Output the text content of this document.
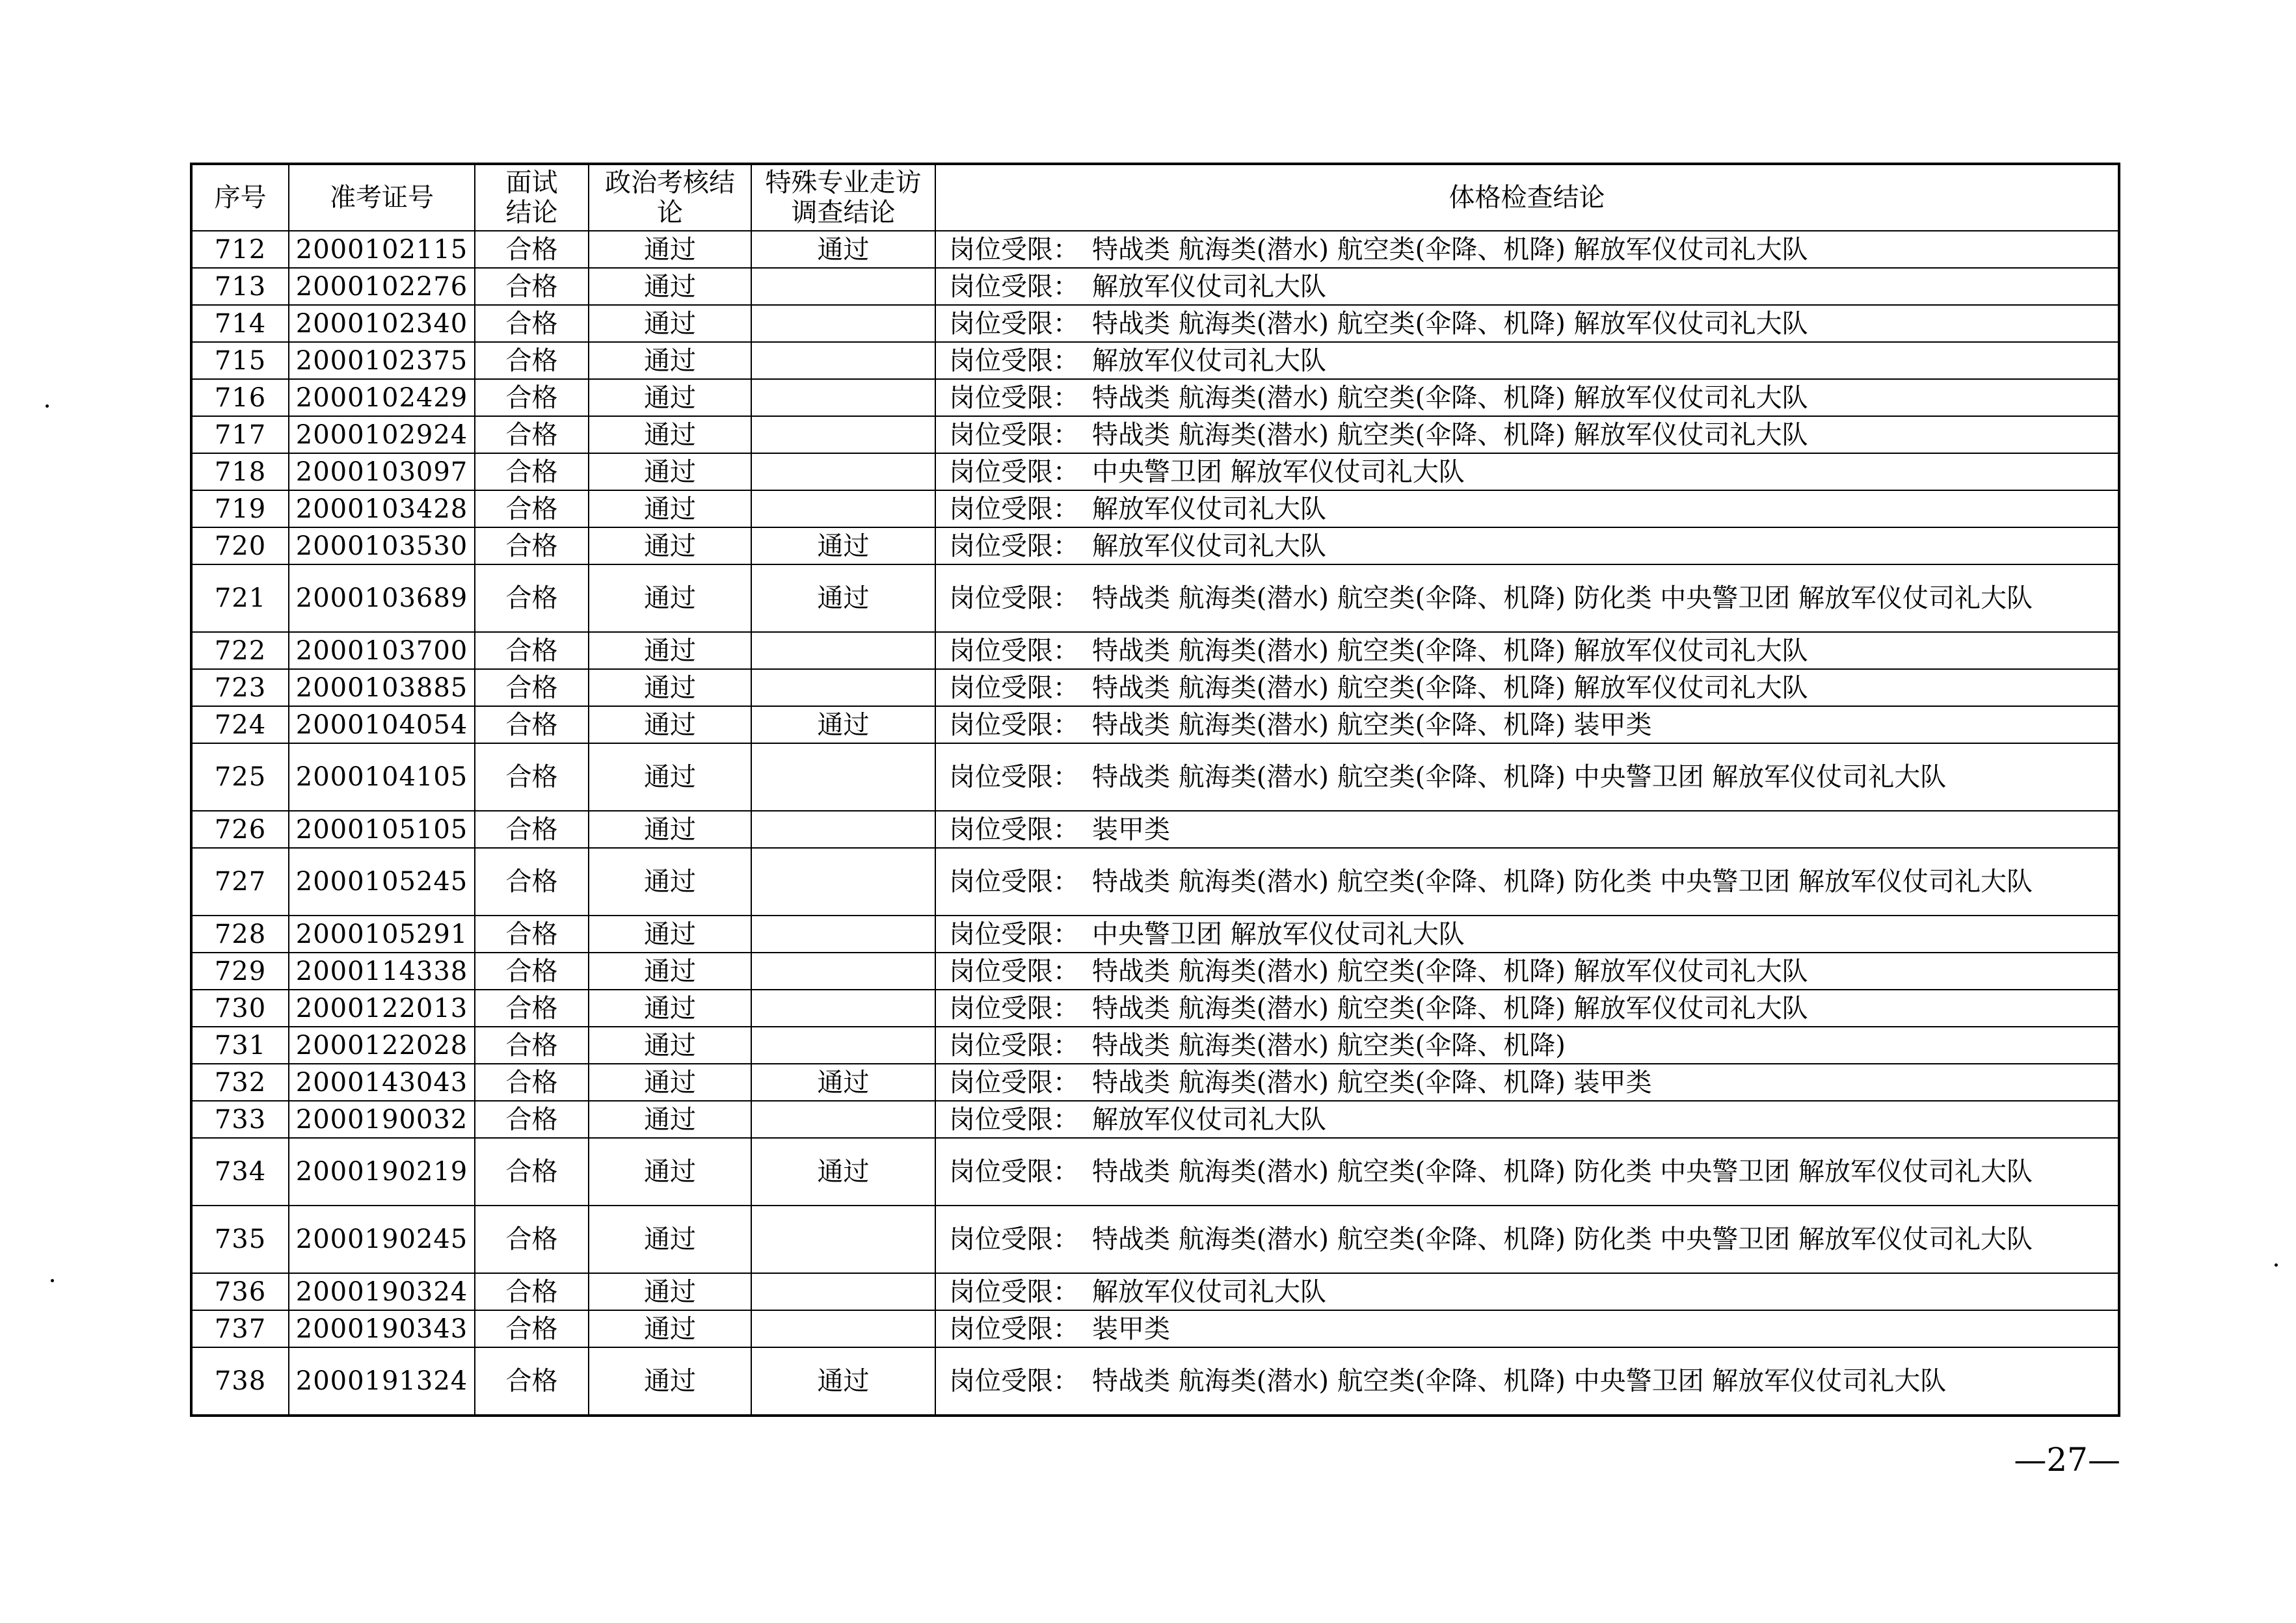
序号	准考证号	面试结论	政治考核结论	特殊专业走访调查结论	体格检查结论
712	2000102115	合格	通过	通过	岗位受限：　特战类 航海类(潜水) 航空类(伞降、机降) 解放军仪仗司礼大队
713	2000102276	合格	通过		岗位受限：　解放军仪仗司礼大队
714	2000102340	合格	通过		岗位受限：　特战类 航海类(潜水) 航空类(伞降、机降) 解放军仪仗司礼大队
715	2000102375	合格	通过		岗位受限：　解放军仪仗司礼大队
716	2000102429	合格	通过		岗位受限：　特战类 航海类(潜水) 航空类(伞降、机降) 解放军仪仗司礼大队
717	2000102924	合格	通过		岗位受限：　特战类 航海类(潜水) 航空类(伞降、机降) 解放军仪仗司礼大队
718	2000103097	合格	通过		岗位受限：　中央警卫团 解放军仪仗司礼大队
719	2000103428	合格	通过		岗位受限：　解放军仪仗司礼大队
720	2000103530	合格	通过	通过	岗位受限：　解放军仪仗司礼大队
721	2000103689	合格	通过	通过	岗位受限：　特战类 航海类(潜水) 航空类(伞降、机降) 防化类 中央警卫团 解放军仪仗司礼大队
722	2000103700	合格	通过		岗位受限：　特战类 航海类(潜水) 航空类(伞降、机降) 解放军仪仗司礼大队
723	2000103885	合格	通过		岗位受限：　特战类 航海类(潜水) 航空类(伞降、机降) 解放军仪仗司礼大队
724	2000104054	合格	通过	通过	岗位受限：　特战类 航海类(潜水) 航空类(伞降、机降) 装甲类
725	2000104105	合格	通过		岗位受限：　特战类 航海类(潜水) 航空类(伞降、机降) 中央警卫团 解放军仪仗司礼大队
726	2000105105	合格	通过		岗位受限：　装甲类
727	2000105245	合格	通过		岗位受限：　特战类 航海类(潜水) 航空类(伞降、机降) 防化类 中央警卫团 解放军仪仗司礼大队
728	2000105291	合格	通过		岗位受限：　中央警卫团 解放军仪仗司礼大队
729	2000114338	合格	通过		岗位受限：　特战类 航海类(潜水) 航空类(伞降、机降) 解放军仪仗司礼大队
730	2000122013	合格	通过		岗位受限：　特战类 航海类(潜水) 航空类(伞降、机降) 解放军仪仗司礼大队
731	2000122028	合格	通过		岗位受限：　特战类 航海类(潜水) 航空类(伞降、机降)
732	2000143043	合格	通过	通过	岗位受限：　特战类 航海类(潜水) 航空类(伞降、机降) 装甲类
733	2000190032	合格	通过		岗位受限：　解放军仪仗司礼大队
734	2000190219	合格	通过	通过	岗位受限：　特战类 航海类(潜水) 航空类(伞降、机降) 防化类 中央警卫团 解放军仪仗司礼大队
735	2000190245	合格	通过		岗位受限：　特战类 航海类(潜水) 航空类(伞降、机降) 防化类 中央警卫团 解放军仪仗司礼大队
736	2000190324	合格	通过		岗位受限：　解放军仪仗司礼大队
737	2000190343	合格	通过		岗位受限：　装甲类
738	2000191324	合格	通过	通过	岗位受限：　特战类 航海类(潜水) 航空类(伞降、机降) 中央警卫团 解放军仪仗司礼大队
—27—
